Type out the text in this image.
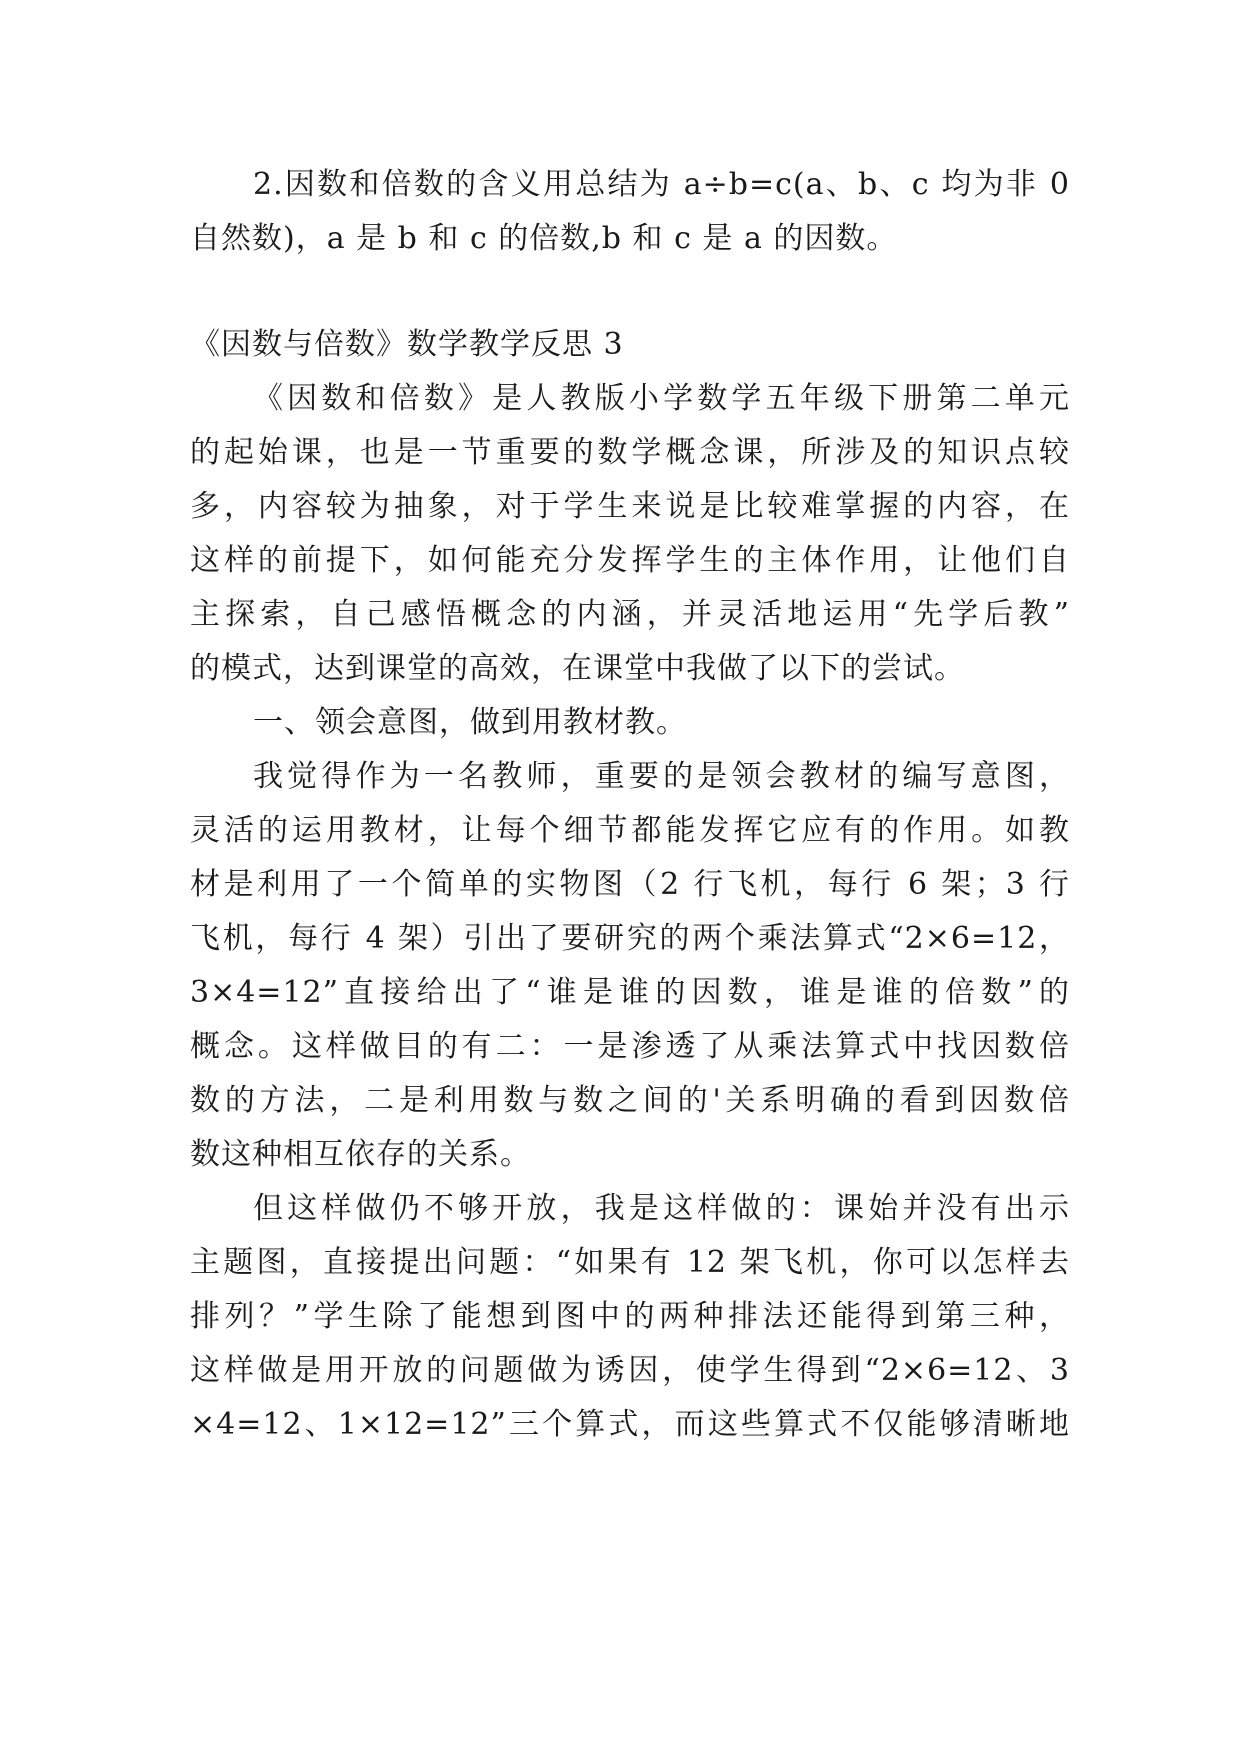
2.因数和倍数的含义用总结为 a÷b=c(a、b、c 均为非 0
自然数)，a 是 b 和 c 的倍数,b 和 c 是 a 的因数。
《因数与倍数》数学教学反思 3
《因数和倍数》是人教版小学数学五年级下册第二单元
的起始课，也是一节重要的数学概念课，所涉及的知识点较
多，内容较为抽象，对于学生来说是比较难掌握的内容，在
这样的前提下，如何能充分发挥学生的主体作用，让他们自
主探索，自己感悟概念的内涵，并灵活地运用“先学后教”
的模式，达到课堂的高效，在课堂中我做了以下的尝试。
一、领会意图，做到用教材教。
我觉得作为一名教师，重要的是领会教材的编写意图，
灵活的运用教材，让每个细节都能发挥它应有的作用。如教
材是利用了一个简单的实物图（2 行飞机，每行 6 架；3 行
飞机，每行 4 架）引出了要研究的两个乘法算式“2×6=12，
3×4=12”直接给出了“谁是谁的因数，谁是谁的倍数”的
概念。这样做目的有二：一是渗透了从乘法算式中找因数倍
数的方法，二是利用数与数之间的'关系明确的看到因数倍
数这种相互依存的关系。
但这样做仍不够开放，我是这样做的：课始并没有出示
主题图，直接提出问题：“如果有 12 架飞机，你可以怎样去
排列？”学生除了能想到图中的两种排法还能得到第三种，
这样做是用开放的问题做为诱因，使学生得到“2×6=12、3
×4=12、1×12=12”三个算式，而这些算式不仅能够清晰地
